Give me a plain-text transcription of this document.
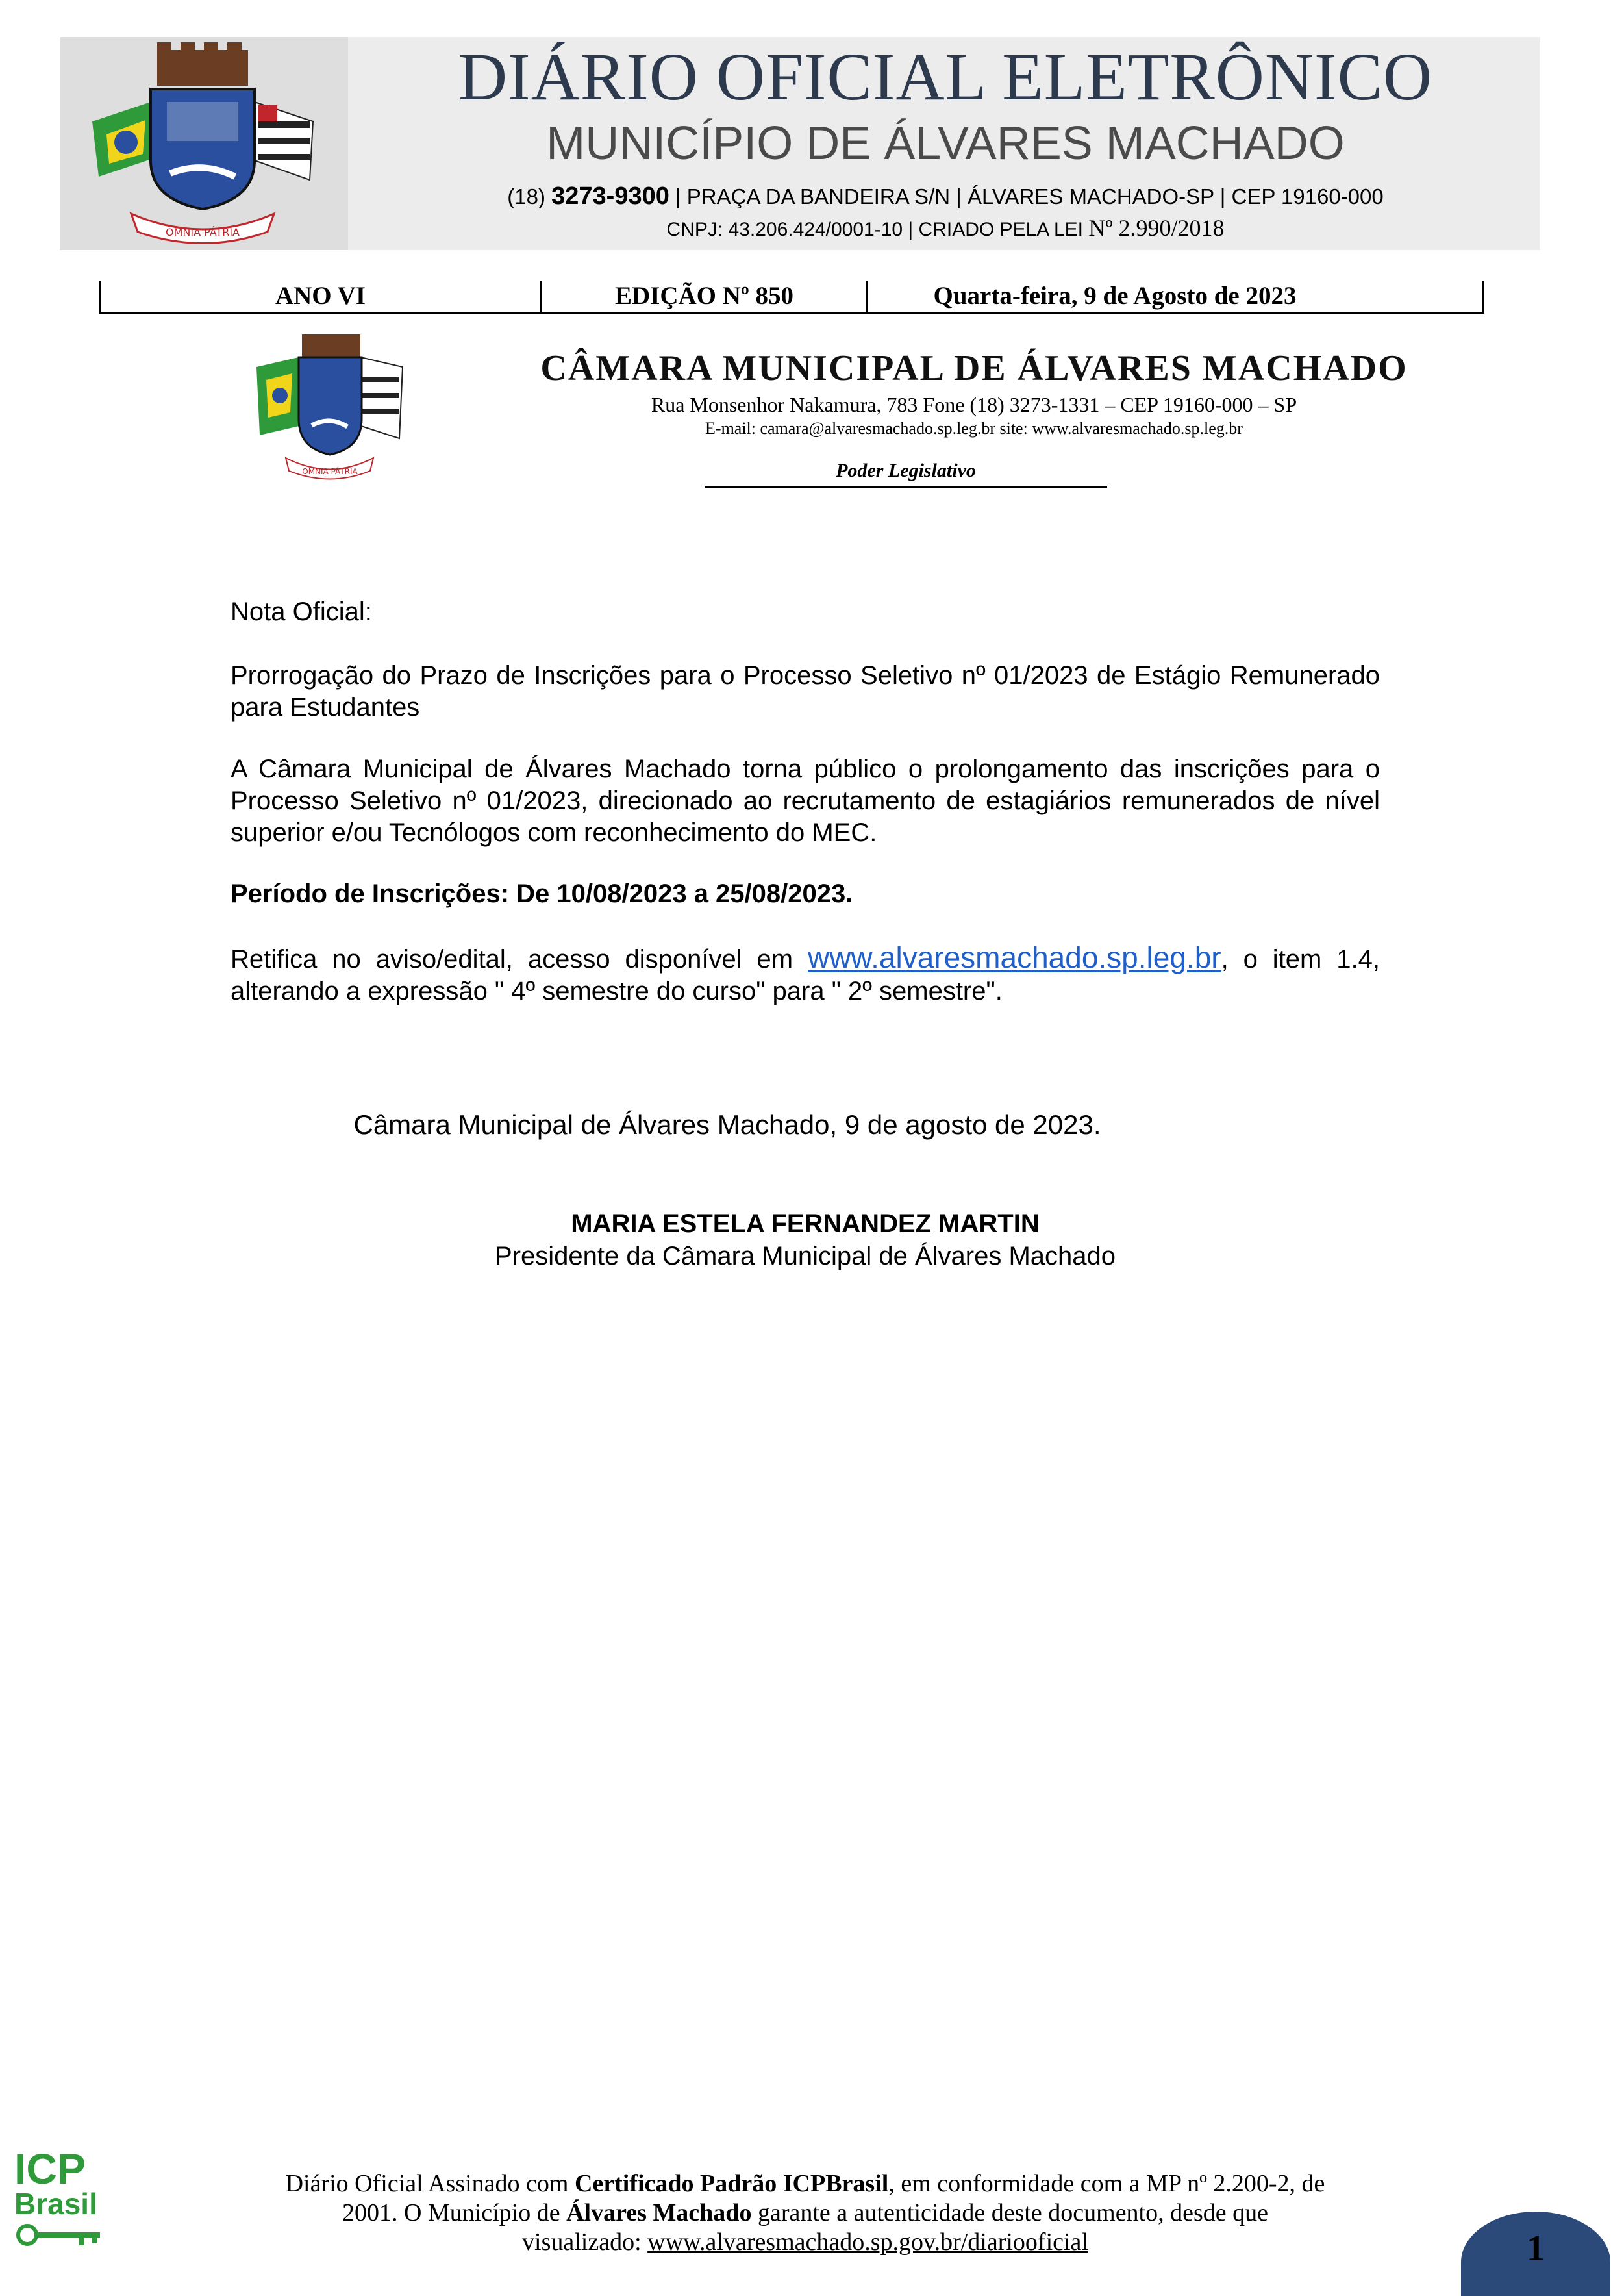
OMNIA PÁTRIA
DIÁRIO OFICIAL ELETRÔNICO
MUNICÍPIO DE ÁLVARES MACHADO
(18) 3273-9300 | PRAÇA DA BANDEIRA S/N | ÁLVARES MACHADO-SP | CEP 19160-000
CNPJ: 43.206.424/0001-10 | CRIADO PELA LEI Nº 2.990/2018
ANO VI	EDIÇÃO Nº 850	Quarta-feira, 9 de Agosto de 2023
OMNIA PÁTRIA
CÂMARA MUNICIPAL DE ÁLVARES MACHADO
Rua Monsenhor Nakamura, 783 Fone (18) 3273-1331 – CEP 19160-000 – SP
E-mail: camara@alvaresmachado.sp.leg.br site: www.alvaresmachado.sp.leg.br
Poder Legislativo
Nota Oficial:
Prorrogação do Prazo de Inscrições para o Processo Seletivo nº 01/2023 de Estágio Remunerado para Estudantes
A Câmara Municipal de Álvares Machado torna público o prolongamento das inscrições para o Processo Seletivo nº 01/2023, direcionado ao recrutamento de estagiários remunerados de nível superior e/ou Tecnólogos com reconhecimento do MEC.
Período de Inscrições: De 10/08/2023 a 25/08/2023.
Retifica no aviso/edital, acesso disponível em www.alvaresmachado.sp.leg.br, o item 1.4, alterando a expressão " 4º semestre do curso" para " 2º semestre".
Câmara Municipal de Álvares Machado, 9 de agosto de 2023.
MARIA ESTELA FERNANDEZ MARTIN
Presidente da Câmara Municipal de Álvares Machado
ICP
Brasil
Diário Oficial Assinado com Certificado Padrão ICPBrasil, em conformidade com a MP nº 2.200-2, de
2001. O Município de Álvares Machado garante a autenticidade deste documento, desde que
visualizado: www.alvaresmachado.sp.gov.br/diariooficial	1
